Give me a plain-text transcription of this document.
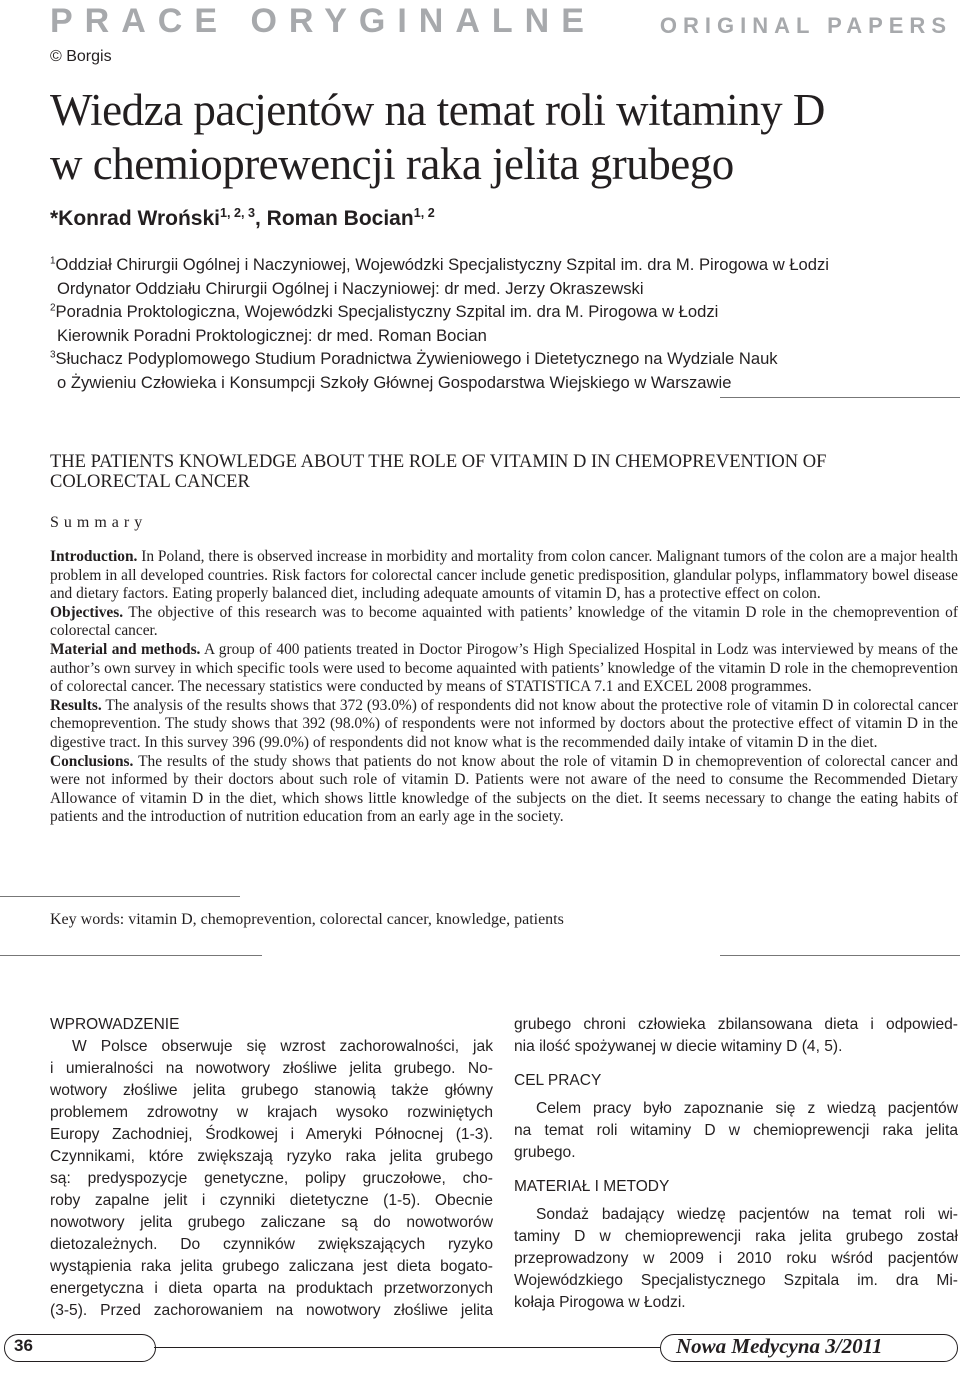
PRACE ORYGINALNE	ORIGINAL PAPERS
© Borgis
Wiedza pacjentów na temat roli witaminy D
w chemioprewencji raka jelita grubego
*Konrad Wroński$^{1, 2, 3}$, Roman Bocian$^{1, 2}$
$^1$Oddział Chirurgii Ogólnej i Naczyniowej, Wojewódzki Specjalistyczny Szpital im. dra M. Pirogowa w Łodzi
Ordynator Oddziału Chirurgii Ogólnej i Naczyniowej: dr med. Jerzy Okraszewski
$^2$Poradnia Proktologiczna, Wojewódzki Specjalistyczny Szpital im. dra M. Pirogowa w Łodzi
Kierownik Poradni Proktologicznej: dr med. Roman Bocian
$^3$Słuchacz Podyplomowego Studium Poradnictwa Żywieniowego i Dietetycznego na Wydziale Nauk
o Żywieniu Człowieka i Konsumpcji Szkoły Głównej Gospodarstwa Wiejskiego w Warszawie
THE PATIENTS KNOWLEDGE ABOUT THE ROLE OF VITAMIN D IN CHEMOPREVENTION OF COLORECTAL CANCER
Summary

Introduction. In Poland, there is observed increase in morbidity and mortality from colon cancer. Malignant tumors of the colon are a major health problem in all developed countries. Risk factors for colorectal cancer include genetic predisposition, glandular polyps, inflammatory bowel disease and dietary factors. Eating properly balanced diet, including adequate amounts of vitamin D, has a protective effect on colon.

Objectives. The objective of this research was to become aquainted with patients’ knowledge of the vitamin D role in the chemoprevention of colorectal cancer.

Material and methods. A group of 400 patients treated in Doctor Pirogow’s High Specialized Hospital in Lodz was interviewed by means of the author’s own survey in which specific tools were used to become aquainted with patients’ knowledge of the vitamin D role in the chemoprevention of colorectal cancer. The necessary statistics were conducted by means of STATISTICA 7.1 and EXCEL 2008 programmes.

Results. The analysis of the results shows that 372 (93.0%) of respondents did not know about the protective role of vitamin D in colorectal cancer chemoprevention. The study shows that 392 (98.0%) of respondents were not informed by doctors about the protective effect of vitamin D in the digestive tract. In this survey 396 (99.0%) of respondents did not know what is the recommended daily intake of vitamin D in the diet.

Conclusions. The results of the study shows that patients do not know about the role of vitamin D in chemoprevention of colorectal cancer and were not informed by their doctors about such role of vitamin D. Patients were not aware of the need to consume the Recommended Dietary Allowance of vitamin D in the diet, which shows little knowledge of the subjects on the diet. It seems necessary to change the eating habits of patients and the introduction of nutrition education from an early age in the society.

Key words: vitamin D, chemoprevention, colorectal cancer, knowledge, patients
WPROWADZENIE
W Polsce obserwuje się wzrost zachorowalności, jak
i umieralności na nowotwory złośliwe jelita grubego. No-
wotwory złośliwe jelita grubego stanowią także główny
problemem zdrowotny w krajach wysoko rozwiniętych
Europy Zachodniej, Środkowej i Ameryki Północnej (1-3).
Czynnikami, które zwiększają ryzyko raka jelita grubego
są: predyspozycje genetyczne, polipy gruczołowe, cho-
roby zapalne jelit i czynniki dietetyczne (1-5). Obecnie
nowotwory jelita grubego zaliczane są do nowotworów
dietozależnych. Do czynników zwiększających ryzyko
wystąpienia raka jelita grubego zaliczana jest dieta bogato-
energetyczna i dieta oparta na produktach przetworzonych
(3-5). Przed zachorowaniem na nowotwory złośliwe jelita
grubego chroni człowieka zbilansowana dieta i odpowied-
nia ilość spożywanej w diecie witaminy D (4, 5).
CEL PRACY
Celem pracy było zapoznanie się z wiedzą pacjentów
na temat roli witaminy D w chemioprewencji raka jelita
grubego.
MATERIAŁ I METODY
Sondaż badający wiedzę pacjentów na temat roli wi-
taminy D w chemioprewencji raka jelita grubego został
przeprowadzony w 2009 i 2010 roku wśród pacjentów
Wojewódzkiego Specjalistycznego Szpitala im. dra Mi-
kołaja Pirogowa w Łodzi.
36	Nowa Medycyna 3/2011
